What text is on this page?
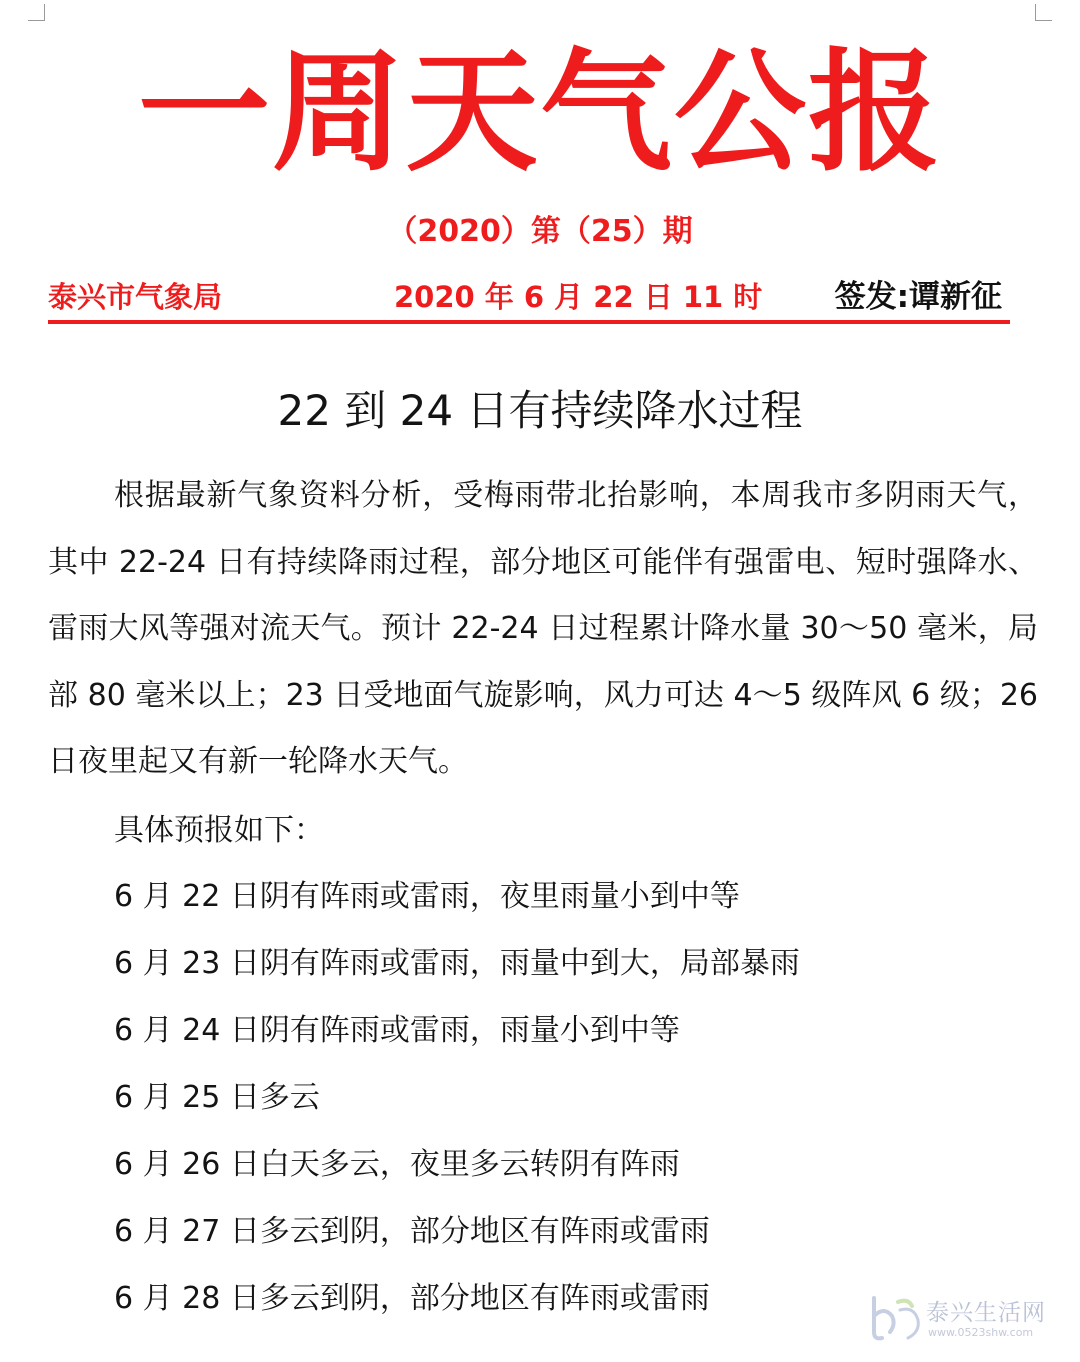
一周天气公报
（2020）第（25）期
泰兴市气象局	2020 年 6 月 22 日 11 时 签发:谭新征
22 到 24 日有持续降水过程

根据最新气象资料分析，受梅雨带北抬影响，本周我市多阴雨天气，其中 22-24 日有持续降雨过程，部分地区可能伴有强雷电、短时强降水、雷雨大风等强对流天气。预计 22-24 日过程累计降水量 30～50 毫米，局部 80 毫米以上；23 日受地面气旋影响，风力可达 4～5 级阵风 6 级；26 日夜里起又有新一轮降水天气。

具体预报如下：
6 月 22 日阴有阵雨或雷雨，夜里雨量小到中等
6 月 23 日阴有阵雨或雷雨，雨量中到大，局部暴雨
6 月 24 日阴有阵雨或雷雨，雨量小到中等
6 月 25 日多云
6 月 26 日白天多云，夜里多云转阴有阵雨
6 月 27 日多云到阴，部分地区有阵雨或雷雨
6 月 28 日多云到阴，部分地区有阵雨或雷雨	泰兴生活网
www.0523shw.com
